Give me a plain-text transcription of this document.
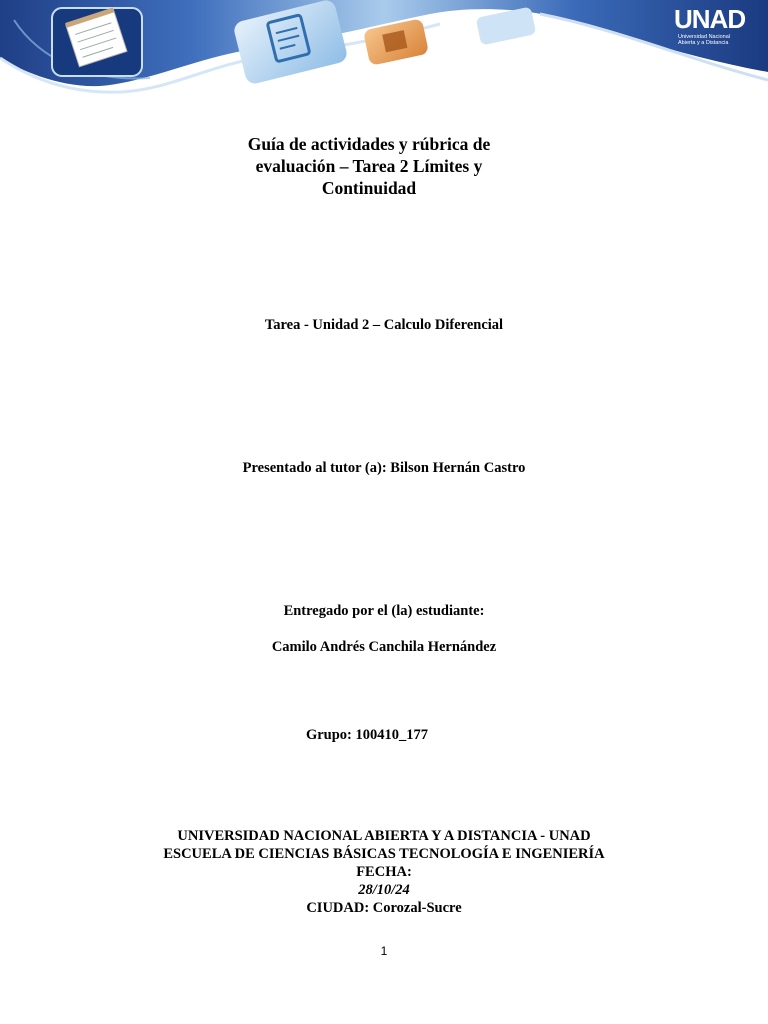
UNAD
Universidad Nacional
Abierta y a Distancia
Guía de actividades y rúbrica de evaluación – Tarea 2 Límites y Continuidad
Tarea - Unidad 2 – Calculo Diferencial
Presentado al tutor (a): Bilson Hernán Castro
Entregado por el (la) estudiante:
Camilo Andrés Canchila Hernández
Grupo: 100410_177
UNIVERSIDAD NACIONAL ABIERTA Y A DISTANCIA - UNAD
ESCUELA DE CIENCIAS BÁSICAS TECNOLOGÍA E INGENIERÍA
FECHA:
28/10/24
CIUDAD: Corozal-Sucre
1
